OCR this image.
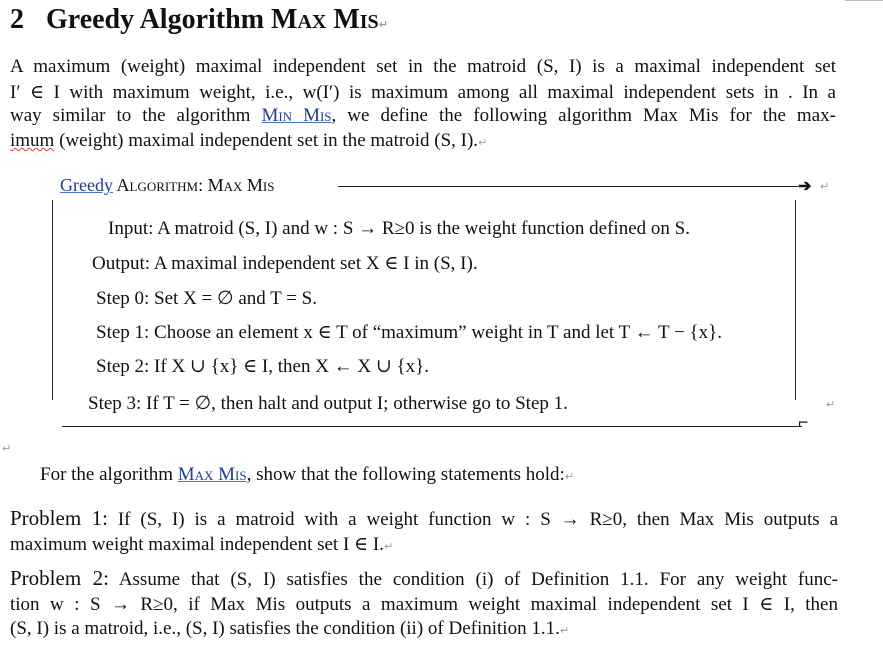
2 Greedy Algorithm Max Mis↵
A maximum (weight) maximal independent set in the matroid (S, I) is a maximal independent set
I′ ∈ I with maximum weight, i.e., w(I′) is maximum among all maximal independent sets in . In a
way similar to the algorithm Min Mis, we define the following algorithm Max Mis for the max-
imum (weight) maximal independent set in the matroid (S, I).↵
Greedy Algorithm: Max Mis	➔ ↵
Input: A matroid (S, I) and w : S → R≥0 is the weight function defined on S.
Output: A maximal independent set X ∈ I in (S, I).
Step 0: Set X = ∅ and T = S.
Step 1: Choose an element x ∈ T of “maximum” weight in T and let T ← T − {x}.
Step 2: If X ∪ {x} ∈ I, then X ← X ∪ {x}.
Step 3: If T = ∅, then halt and output I; otherwise go to Step 1.	↵
⌐
↵
For the algorithm Max Mis, show that the following statements hold:↵
Problem 1: If (S, I) is a matroid with a weight function w : S → R≥0, then Max Mis outputs a
maximum weight maximal independent set I ∈ I.↵
Problem 2: Assume that (S, I) satisfies the condition (i) of Definition 1.1. For any weight func-
tion w : S → R≥0, if Max Mis outputs a maximum weight maximal independent set I ∈ I, then
(S, I) is a matroid, i.e., (S, I) satisfies the condition (ii) of Definition 1.1.↵
